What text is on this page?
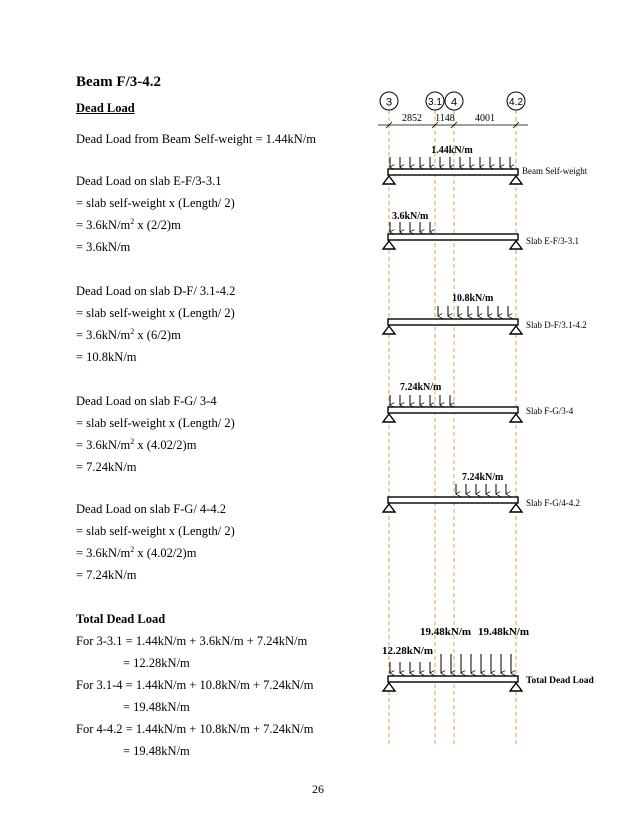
Beam F/3-4.2
Dead Load
Dead Load from Beam Self-weight = 1.44kN/m
Dead Load on slab E-F/3-3.1
= slab self-weight x (Length/ 2)
= $3.6kN/m^2$ x (2/2)m
= 3.6kN/m
Dead Load on slab D-F/ 3.1-4.2
= slab self-weight x (Length/ 2)
= $3.6kN/m^2$ x (6/2)m
= 10.8kN/m
Dead Load on slab F-G/ 3-4
= slab self-weight x (Length/ 2)
= $3.6kN/m^2$ x (4.02/2)m
= 7.24kN/m
Dead Load on slab F-G/ 4-4.2
= slab self-weight x (Length/ 2)
= $3.6kN/m^2$ x (4.02/2)m
= 7.24kN/m
Total Dead Load
For 3-3.1 = 1.44kN/m + 3.6kN/m + 7.24kN/m
= 12.28kN/m
For 3.1-4 = 1.44kN/m + 10.8kN/m + 7.24kN/m
= 19.48kN/m
For 4-4.2 = 1.44kN/m + 10.8kN/m + 7.24kN/m
= 19.48kN/m
26
3	3.1 4	4.2
2852 1148 4001
1.44kN/m
Beam Self-weight
3.6kN/m
Slab E-F/3-3.1
10.8kN/m
Slab D-F/3.1-4.2
7.24kN/m
Slab F-G/3-4
7.24kN/m
Slab F-G/4-4.2
19.48kN/m 19.48kN/m
12.28kN/m
Total Dead Load
